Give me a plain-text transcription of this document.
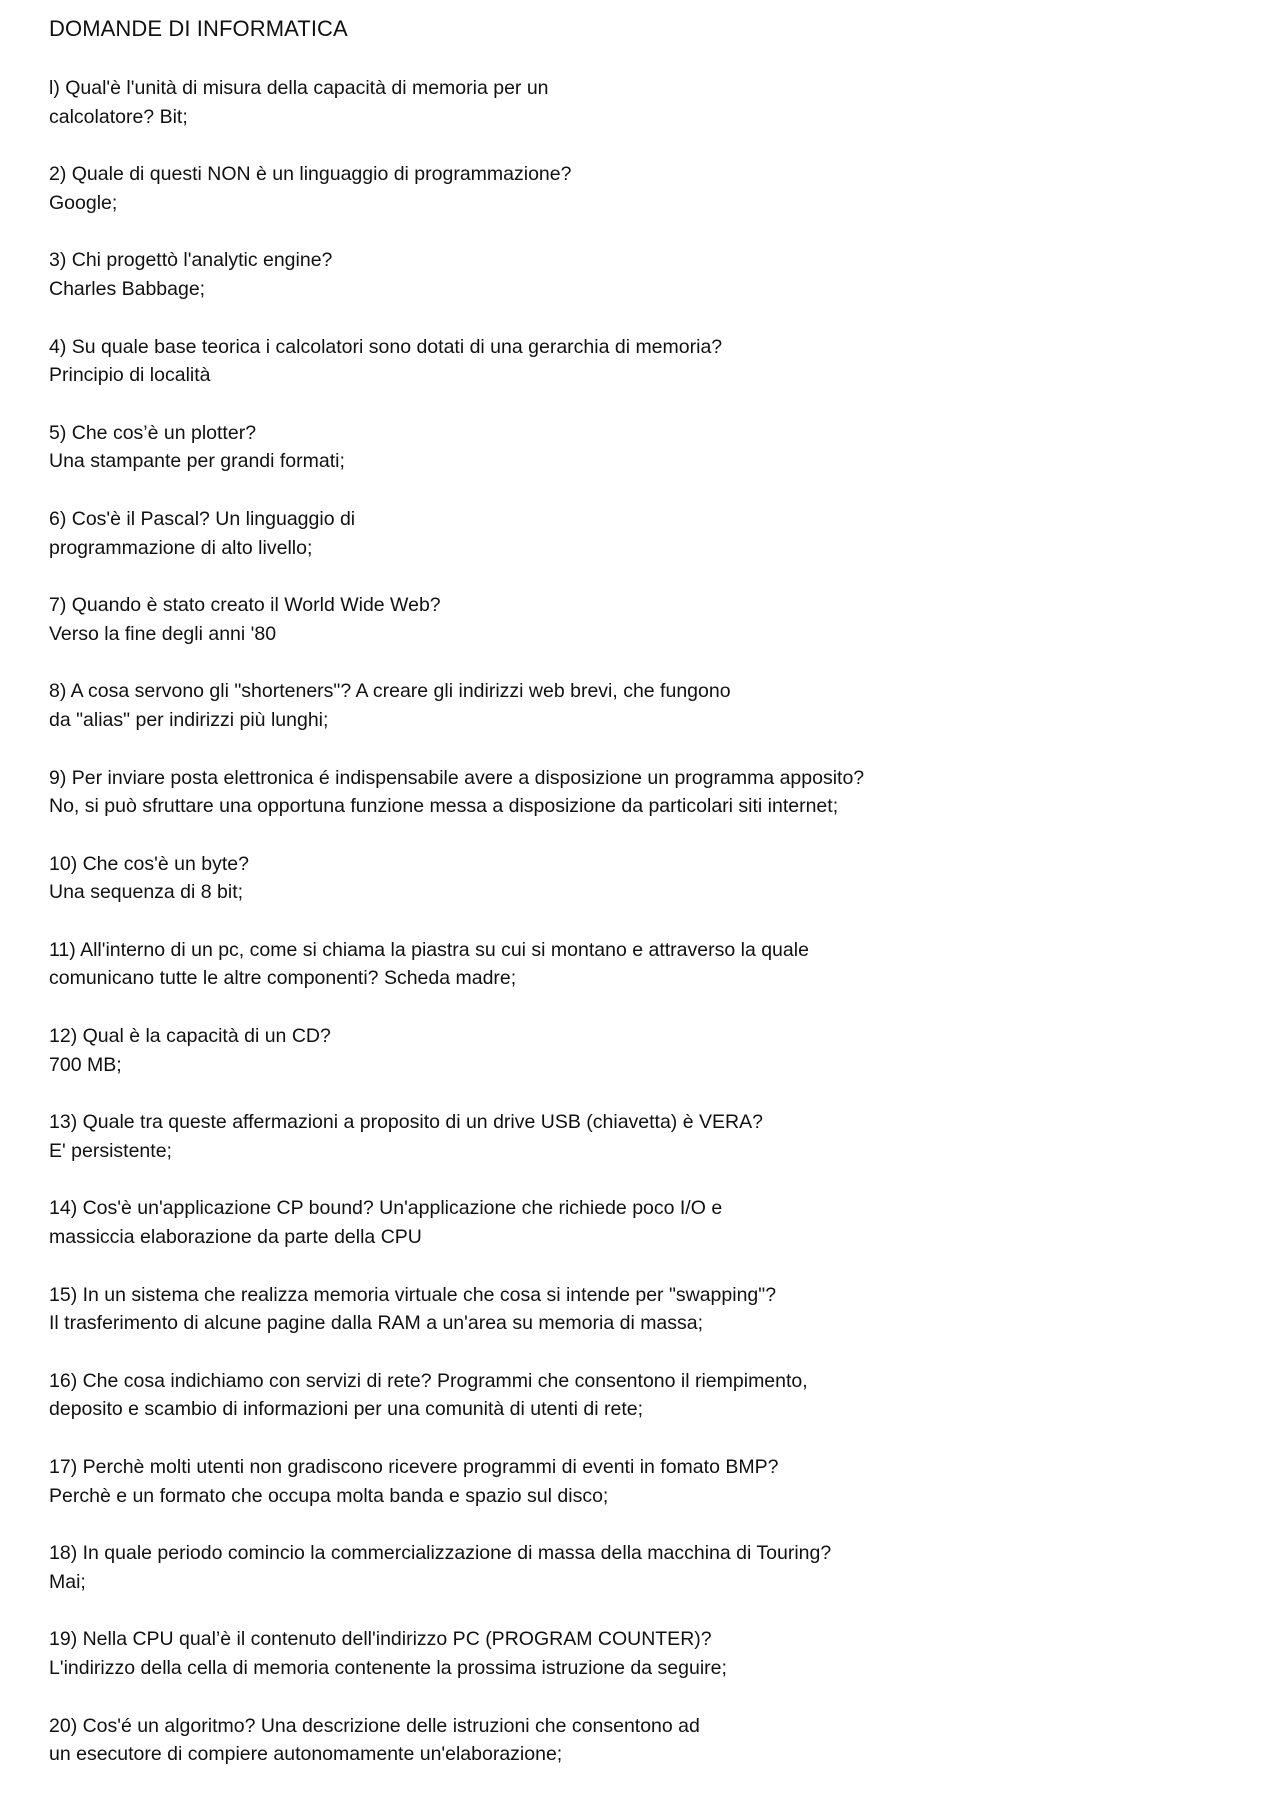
DOMANDE DI INFORMATICA
l) Qual'è l'unità di misura della capacità di memoria per un
calcolatore? Bit;
2) Quale di questi NON è un linguaggio di programmazione?
Google;
3) Chi progettò l'analytic engine?
Charles Babbage;
4) Su quale base teorica i calcolatori sono dotati di una gerarchia di memoria?
Principio di località
5) Che cos’è un plotter?
Una stampante per grandi formati;
6) Cos'è il Pascal? Un linguaggio di
programmazione di alto livello;
7) Quando è stato creato il World Wide Web?
Verso la fine degli anni '80
8) A cosa servono gli "shorteners"? A creare gli indirizzi web brevi, che fungono
da "alias" per indirizzi più lunghi;
9) Per inviare posta elettronica é indispensabile avere a disposizione un programma apposito?
No, si può sfruttare una opportuna funzione messa a disposizione da particolari siti internet;
10) Che cos'è un byte?
Una sequenza di 8 bit;
11) All'interno di un pc, come si chiama la piastra su cui si montano e attraverso la quale
comunicano tutte le altre componenti? Scheda madre;
12) Qual è la capacità di un CD?
700 MB;
13) Quale tra queste affermazioni a proposito di un drive USB (chiavetta) è VERA?
E' persistente;
14) Cos'è un'applicazione CP bound? Un'applicazione che richiede poco I/O e
massiccia elaborazione da parte della CPU
15) In un sistema che realizza memoria virtuale che cosa si intende per "swapping"?
Il trasferimento di alcune pagine dalla RAM a un'area su memoria di massa;
16) Che cosa indichiamo con servizi di rete? Programmi che consentono il riempimento,
deposito e scambio di informazioni per una comunità di utenti di rete;
17) Perchè molti utenti non gradiscono ricevere programmi di eventi in fomato BMP?
Perchè e un formato che occupa molta banda e spazio sul disco;
18) In quale periodo comincio la commercializzazione di massa della macchina di Touring?
Mai;
19) Nella CPU qual’è il contenuto dell'indirizzo PC (PROGRAM COUNTER)?
L'indirizzo della cella di memoria contenente la prossima istruzione da seguire;
20) Cos'é un algoritmo? Una descrizione delle istruzioni che consentono ad
un esecutore di compiere autonomamente un'elaborazione;
